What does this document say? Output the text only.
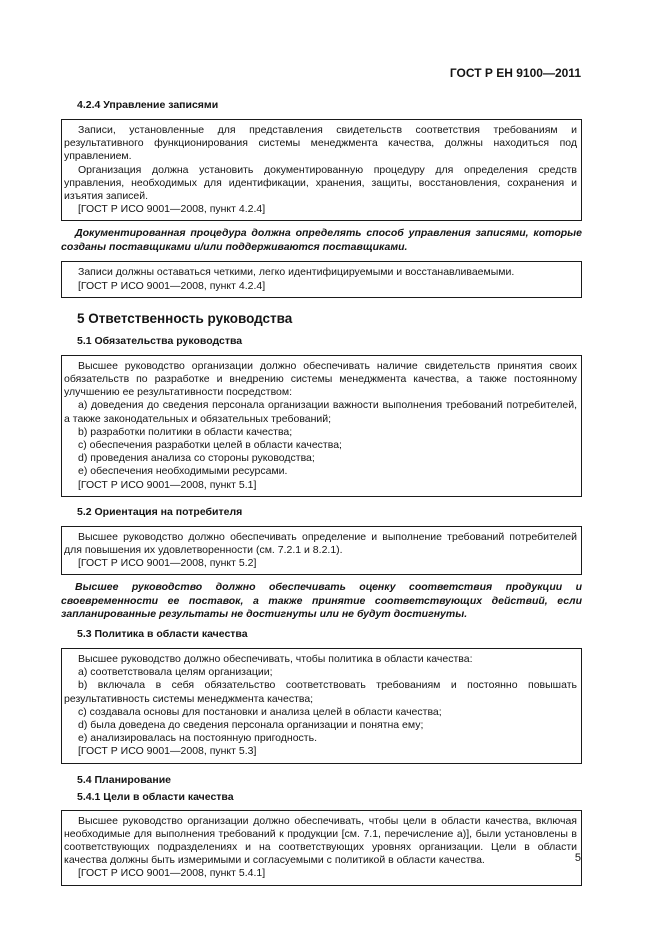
ГОСТ Р ЕН 9100—2011
4.2.4 Управление записями

Записи, установленные для представления свидетельств соответствия требованиям и результативного функционирования системы менеджмента качества, должны находиться под управлением.

Организация должна установить документированную процедуру для определения средств управления, необходимых для идентификации, хранения, защиты, восстановления, сохранения и изъятия записей.

[ГОСТ Р ИСО 9001—2008, пункт 4.2.4]

Документированная процедура должна определять способ управления записями, которые созданы поставщиками и/или поддерживаются поставщиками.

Записи должны оставаться четкими, легко идентифицируемыми и восстанавливаемыми.

[ГОСТ Р ИСО 9001—2008, пункт 4.2.4]

5 Ответственность руководства
5.1 Обязательства руководства

Высшее руководство организации должно обеспечивать наличие свидетельств принятия своих обязательств по разработке и внедрению системы менеджмента качества, а также постоянному улучшению ее результативности посредством:

а) доведения до сведения персонала организации важности выполнения требований потребителей, а также законодательных и обязательных требований;

b) разработки политики в области качества;

c) обеспечения разработки целей в области качества;

d) проведения анализа со стороны руководства;

e) обеспечения необходимыми ресурсами.

[ГОСТ Р ИСО 9001—2008, пункт 5.1]

5.2 Ориентация на потребителя

Высшее руководство должно обеспечивать определение и выполнение требований потребителей для повышения их удовлетворенности (см. 7.2.1 и 8.2.1).

[ГОСТ Р ИСО 9001—2008, пункт 5.2]

Высшее руководство должно обеспечивать оценку соответствия продукции и своевременности ее поставок, а также принятие соответствующих действий, если запланированные результаты не достигнуты или не будут достигнуты.

5.3 Политика в области качества

Высшее руководство должно обеспечивать, чтобы политика в области качества:

а) соответствовала целям организации;

b) включала в себя обязательство соответствовать требованиям и постоянно повышать результативность системы менеджмента качества;

c) создавала основы для постановки и анализа целей в области качества;

d) была доведена до сведения персонала организации и понятна ему;

e) анализировалась на постоянную пригодность.

[ГОСТ Р ИСО 9001—2008, пункт 5.3]

5.4 Планирование
5.4.1 Цели в области качества

Высшее руководство организации должно обеспечивать, чтобы цели в области качества, включая необходимые для выполнения требований к продукции [см. 7.1, перечисление а)], были установлены в соответствующих подразделениях и на соответствующих уровнях организации. Цели в области качества должны быть измеримыми и согласуемыми с политикой в области качества.

[ГОСТ Р ИСО 9001—2008, пункт 5.4.1]

5
